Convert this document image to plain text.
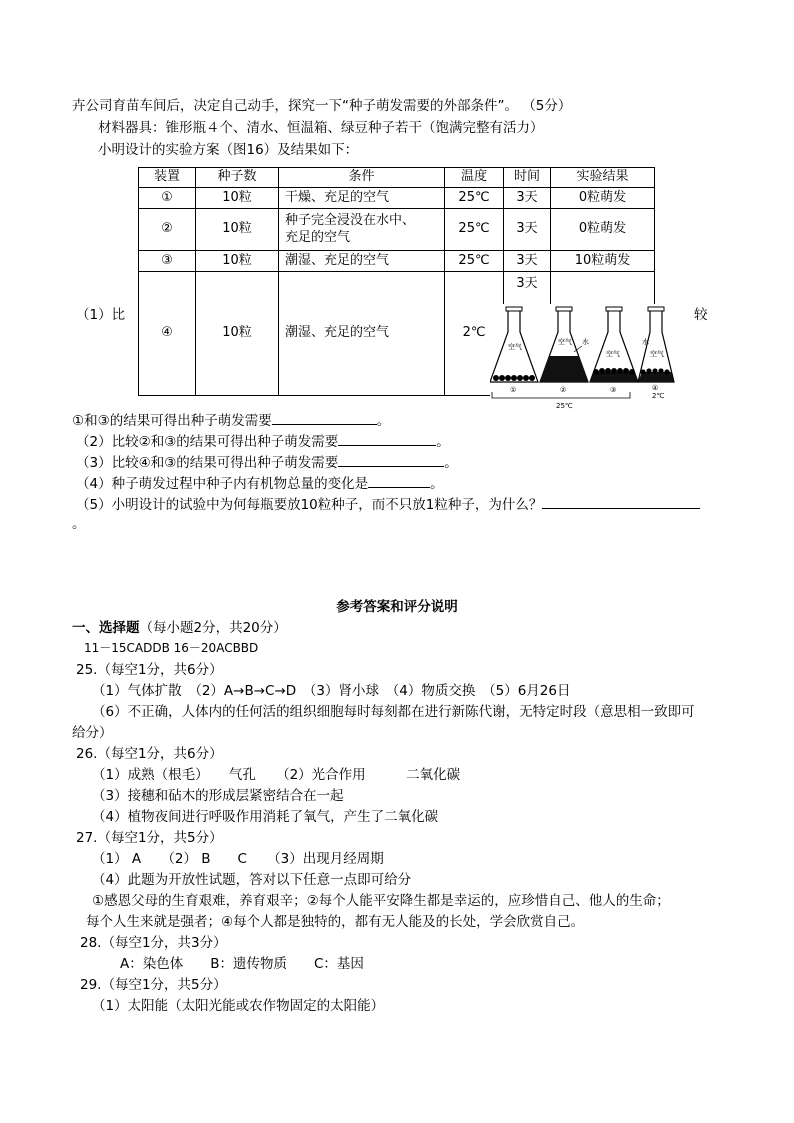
卉公司育苗车间后，决定自己动手，探究一下“种子萌发需要的外部条件”。 （5分）
材料器具：锥形瓶４个、清水、恒温箱、绿豆种子若干（饱满完整有活力）
小明设计的实验方案（图16）及结果如下：
装置	种子数	条件	温度	时间	实验结果
①	10粒	干燥、充足的空气	25℃	3天	0粒萌发
②	10粒	种子完全浸没在水中、
充足的空气	25℃	3天	0粒萌发
③	10粒	潮湿、充足的空气	25℃	3天	10粒萌发
④	10粒	潮湿、充足的空气	2℃	3天	
空气
空气 水
空气
水
空气
①	②	③	④
25℃
2℃
（1）比	较
①和③的结果可得出种子萌发需要	。
（2）比较②和③的结果可得出种子萌发需要	。
（3）比较④和③的结果可得出种子萌发需要	。
（4）种子萌发过程中种子内有机物总量的变化是	。
（5）小明设计的试验中为何每瓶要放10粒种子，而不只放1粒种子，为什么？
。
参考答案和评分说明
一、选择题（每小题2分，共20分）
11－15CADDB 16－20ACBBD
25.（每空1分，共6分）
（1）气体扩散　（2）A→B→C→D　（3）肾小球　（4）物质交换　（5）6月26日
（6）不正确，人体内的任何活的组织细胞每时每刻都在进行新陈代谢，无特定时段（意思相一致即可
给分）
26.（每空1分，共6分）
（1）成熟（根毛）　　气孔　　（2）光合作用　　　二氧化碳
（3）接穗和砧木的形成层紧密结合在一起
（4）植物夜间进行呼吸作用消耗了氧气，产生了二氧化碳
27.（每空1分，共5分）
（1） A　　（2） B　　C　　（3）出现月经周期
（4）此题为开放性试题，答对以下任意一点即可给分
①感恩父母的生育艰难，养育艰辛；②每个人能平安降生都是幸运的，应珍惜自己、他人的生命；
每个人生来就是强者；④每个人都是独特的，都有无人能及的长处，学会欣赏自己。
28.（每空1分，共3分）
A：染色体　　B：遗传物质　　C：基因
29.（每空1分，共5分）
（1）太阳能（太阳光能或农作物固定的太阳能）
